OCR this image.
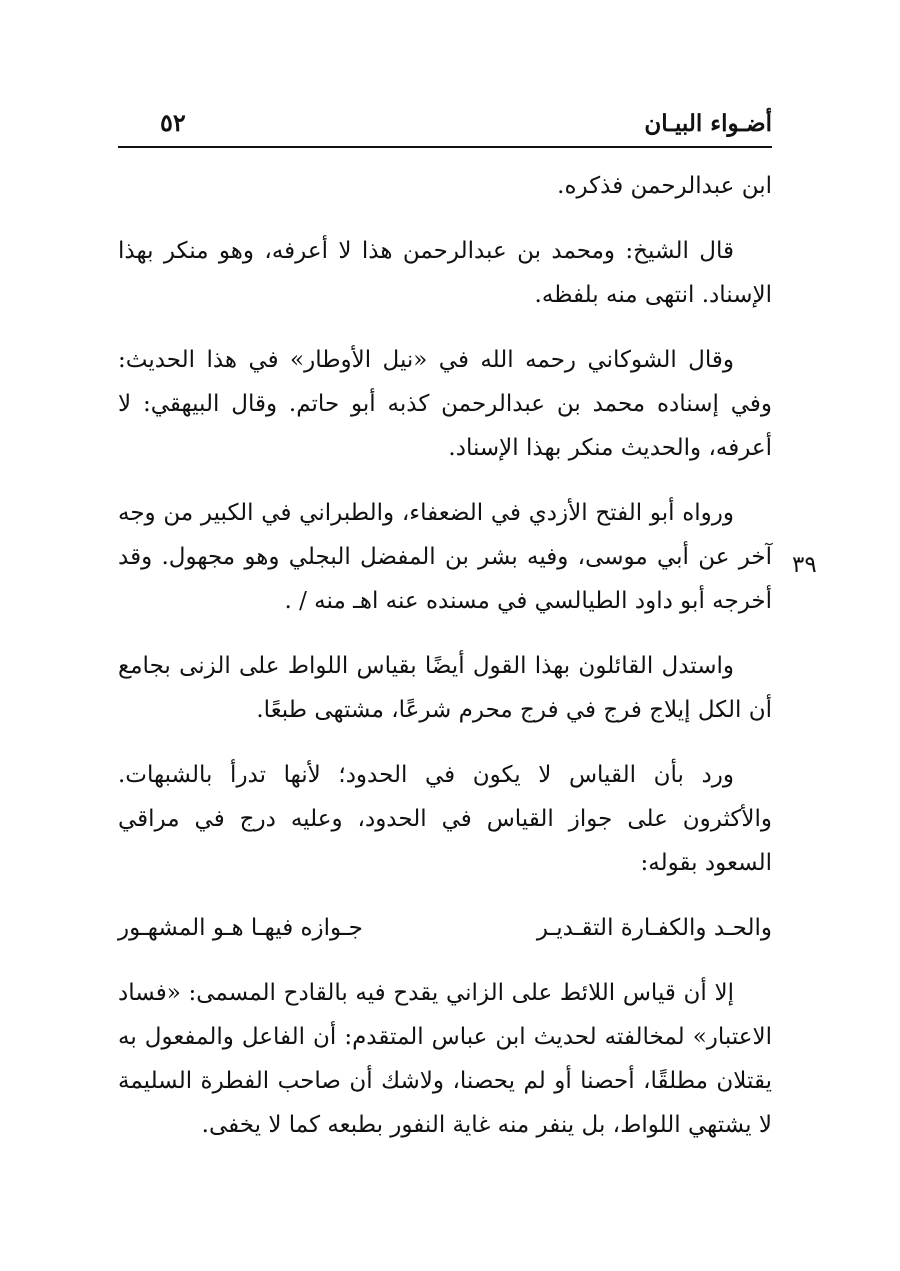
أضـواء البيـان
٥٢
٣٩

ابن عبدالرحمن فذكره.

قال الشيخ: ومحمد بن عبدالرحمن هذا لا أعرفه، وهو منكر بهذا الإسناد. انتهى منه بلفظه.

وقال الشوكاني رحمه الله في «نيل الأوطار» في هذا الحديث: وفي إسناده محمد بن عبدالرحمن كذبه أبو حاتم. وقال البيهقي: لا أعرفه، والحديث منكر بهذا الإسناد.

ورواه أبو الفتح الأزدي في الضعفاء، والطبراني في الكبير من وجه آخر عن أبي موسى، وفيه بشر بن المفضل البجلي وهو مجهول. وقد أخرجه أبو داود الطيالسي في مسنده عنه اهـ منه / .

واستدل القائلون بهذا القول أيضًا بقياس اللواط على الزنى بجامع أن الكل إيلاج فرج في فرج محرم شرعًا، مشتهى طبعًا.

ورد بأن القياس لا يكون في الحدود؛ لأنها تدرأ بالشبهات. والأكثرون على جواز القياس في الحدود، وعليه درج في مراقي السعود بقوله:

والحـد والكفـارة التقـديـر
جـوازه فيهـا هـو المشهـور

إلا أن قياس اللائط على الزاني يقدح فيه بالقادح المسمى: «فساد الاعتبار» لمخالفته لحديث ابن عباس المتقدم: أن الفاعل والمفعول به يقتلان مطلقًا، أحصنا أو لم يحصنا، ولاشك أن صاحب الفطرة السليمة لا يشتهي اللواط، بل ينفر منه غاية النفور بطبعه كما لا يخفى.
